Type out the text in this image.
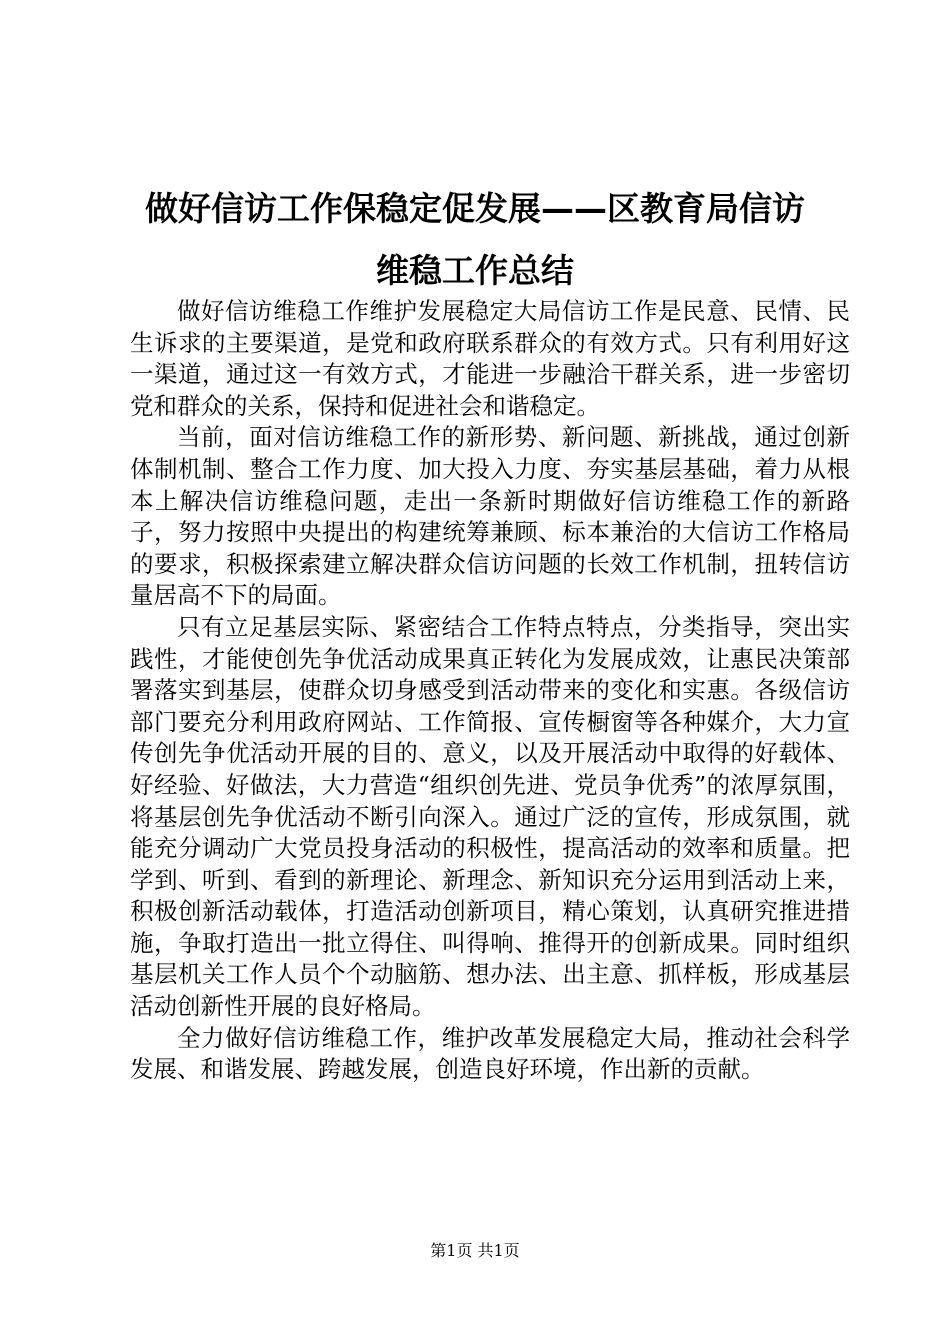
做好信访工作保稳定促发展——区教育局信访
维稳工作总结

做好信访维稳工作维护发展稳定大局信访工作是民意、民情、民生诉求的主要渠道，是党和政府联系群众的有效方式。只有利用好这一渠道，通过这一有效方式，才能进一步融洽干群关系，进一步密切党和群众的关系，保持和促进社会和谐稳定。

当前，面对信访维稳工作的新形势、新问题、新挑战，通过创新体制机制、整合工作力度、加大投入力度、夯实基层基础，着力从根本上解决信访维稳问题，走出一条新时期做好信访维稳工作的新路子，努力按照中央提出的构建统筹兼顾、标本兼治的大信访工作格局的要求，积极探索建立解决群众信访问题的长效工作机制，扭转信访量居高不下的局面。

只有立足基层实际、紧密结合工作特点特点，分类指导，突出实践性，才能使创先争优活动成果真正转化为发展成效，让惠民决策部署落实到基层，使群众切身感受到活动带来的变化和实惠。各级信访部门要充分利用政府网站、工作简报、宣传橱窗等各种媒介，大力宣传创先争优活动开展的目的、意义，以及开展活动中取得的好载体、好经验、好做法，大力营造“组织创先进、党员争优秀”的浓厚氛围，将基层创先争优活动不断引向深入。通过广泛的宣传，形成氛围，就能充分调动广大党员投身活动的积极性，提高活动的效率和质量。把学到、听到、看到的新理论、新理念、新知识充分运用到活动上来，积极创新活动载体，打造活动创新项目，精心策划，认真研究推进措施，争取打造出一批立得住、叫得响、推得开的创新成果。同时组织基层机关工作人员个个动脑筋、想办法、出主意、抓样板，形成基层活动创新性开展的良好格局。

全力做好信访维稳工作，维护改革发展稳定大局，推动社会科学发展、和谐发展、跨越发展，创造良好环境，作出新的贡献。

第1页 共1页
